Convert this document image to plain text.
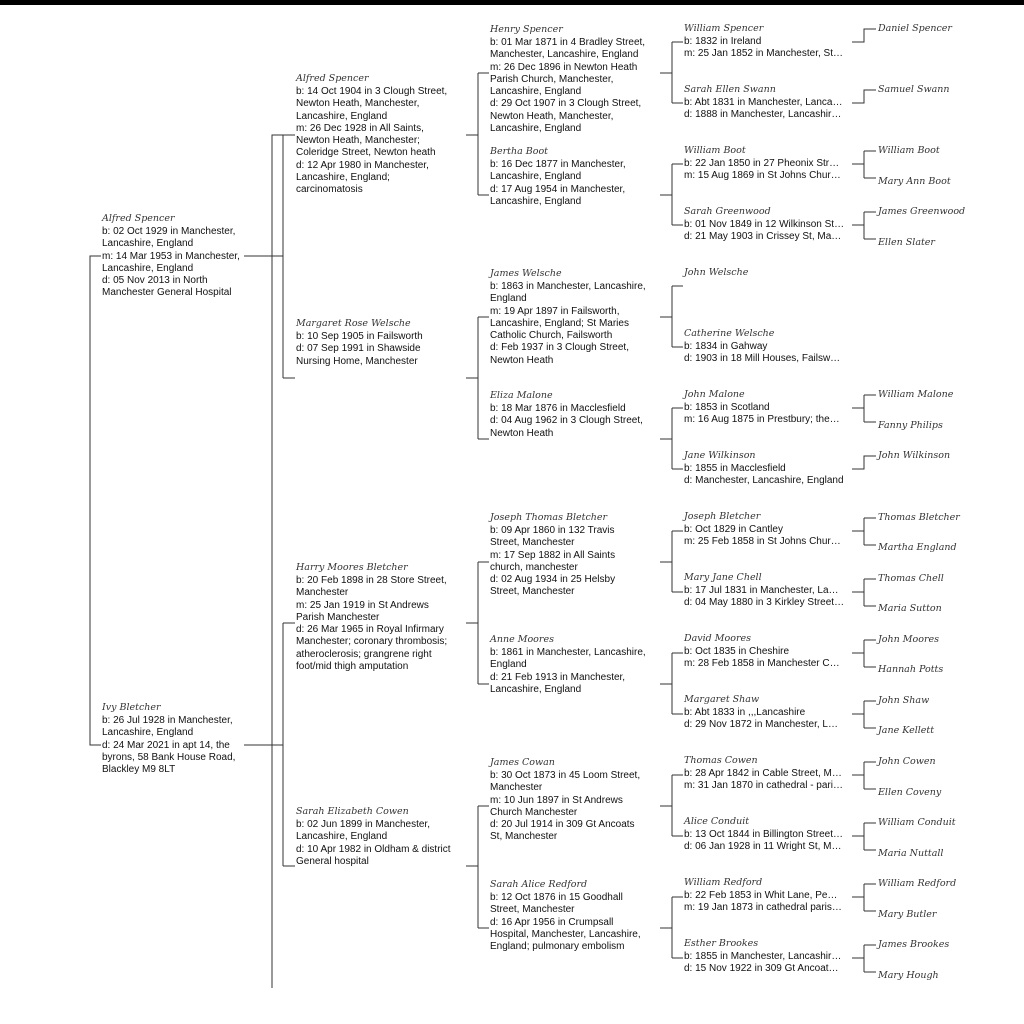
Alfred Spencer
b: 02 Oct 1929 in Manchester, Lancashire, England
m: 14 Mar 1953 in Manchester, Lancashire, England
d: 05 Nov 2013 in North Manchester General Hospital
Ivy Bletcher
b: 26 Jul 1928 in Manchester, Lancashire, England
d: 24 Mar 2021 in apt 14, the byrons, 58 Bank House Road, Blackley M9 8LT
Alfred Spencer
b: 14 Oct 1904 in 3 Clough Street, Newton Heath, Manchester, Lancashire, England
m: 26 Dec 1928 in All Saints, Newton Heath, Manchester; Coleridge Street, Newton heath
d: 12 Apr 1980 in Manchester, Lancashire, England; carcinomatosis
Margaret Rose Welsche
b: 10 Sep 1905 in Failsworth
d: 07 Sep 1991 in Shawside Nursing Home, Manchester
Harry Moores Bletcher
b: 20 Feb 1898 in 28 Store Street, Manchester
m: 25 Jan 1919 in St Andrews Parish Manchester
d: 26 Mar 1965 in Royal Infirmary Manchester; coronary thrombosis; atheroclerosis; grangrene right foot/mid thigh amputation
Sarah Elizabeth Cowen
b: 02 Jun 1899 in Manchester, Lancashire, England
d: 10 Apr 1982 in Oldham & district General hospital
Henry Spencer
b: 01 Mar 1871 in 4 Bradley Street, Manchester, Lancashire, England
m: 26 Dec 1896 in Newton Heath Parish Church, Manchester, Lancashire, England
d: 29 Oct 1907 in 3 Clough Street, Newton Heath, Manchester, Lancashire, England
Bertha Boot
b: 16 Dec 1877 in Manchester, Lancashire, England
d: 17 Aug 1954 in Manchester, Lancashire, England
James Welsche
b: 1863 in Manchester, Lancashire, England
m: 19 Apr 1897 in Failsworth, Lancashire, England; St Maries Catholic Church, Failsworth
d: Feb 1937 in 3 Clough Street, Newton Heath
Eliza Malone
b: 18 Mar 1876 in Macclesfield
d: 04 Aug 1962 in 3 Clough Street, Newton Heath
Joseph Thomas Bletcher
b: 09 Apr 1860 in 132 Travis Street, Manchester
m: 17 Sep 1882 in All Saints church, manchester
d: 02 Aug 1934 in 25 Helsby Street, Manchester
Anne Moores
b: 1861 in Manchester, Lancashire, England
d: 21 Feb 1913 in Manchester, Lancashire, England
James Cowan
b: 30 Oct 1873 in 45 Loom Street, Manchester
m: 10 Jun 1897 in St Andrews Church Manchester
d: 20 Jul 1914 in 309 Gt Ancoats St, Manchester
Sarah Alice Redford
b: 12 Oct 1876 in 15 Goodhall Street, Manchester
d: 16 Apr 1956 in Crumpsall Hospital, Manchester, Lancashire, England; pulmonary embolism
William Spencer
b: 1832 in Ireland
m: 25 Jan 1852 in Manchester, St…
Sarah Ellen Swann
b: Abt 1831 in Manchester, Lanca…
d: 1888 in Manchester, Lancashir…
William Boot
b: 22 Jan 1850 in 27 Pheonix Str…
m: 15 Aug 1869 in St Johns Chur…
Sarah Greenwood
b: 01 Nov 1849 in 12 Wilkinson St…
d: 21 May 1903 in Crissey St, Ma…
John Welsche
Catherine Welsche
b: 1834 in Gahway
d: 1903 in 18 Mill Houses, Failsw…
John Malone
b: 1853 in Scotland
m: 16 Aug 1875 in Prestbury; the…
Jane Wilkinson
b: 1855 in Macclesfield
d: Manchester, Lancashire, England
Joseph Bletcher
b: Oct 1829 in Cantley
m: 25 Feb 1858 in St Johns Chur…
Mary Jane Chell
b: 17 Jul 1831 in Manchester, La…
d: 04 May 1880 in 3 Kirkley Street…
David Moores
b: Oct 1835 in Cheshire
m: 28 Feb 1858 in Manchester C…
Margaret Shaw
b: Abt 1833 in ,,,Lancashire
d: 29 Nov 1872 in Manchester, L…
Thomas Cowen
b: 28 Apr 1842 in Cable Street, M…
m: 31 Jan 1870 in cathedral - pari…
Alice Conduit
b: 13 Oct 1844 in Billington Street…
d: 06 Jan 1928 in 11 Wright St, M…
William Redford
b: 22 Feb 1853 in Whit Lane, Pe…
m: 19 Jan 1873 in cathedral paris…
Esther Brookes
b: 1855 in Manchester, Lancashir…
d: 15 Nov 1922 in 309 Gt Ancoat…
Daniel Spencer
Samuel Swann
William Boot
Mary Ann Boot
James Greenwood
Ellen Slater
William Malone
Fanny Philips
John Wilkinson
Thomas Bletcher
Martha England
Thomas Chell
Maria Sutton
John Moores
Hannah Potts
John Shaw
Jane Kellett
John Cowen
Ellen Coveny
William Conduit
Maria Nuttall
William Redford
Mary Butler
James Brookes
Mary Hough
